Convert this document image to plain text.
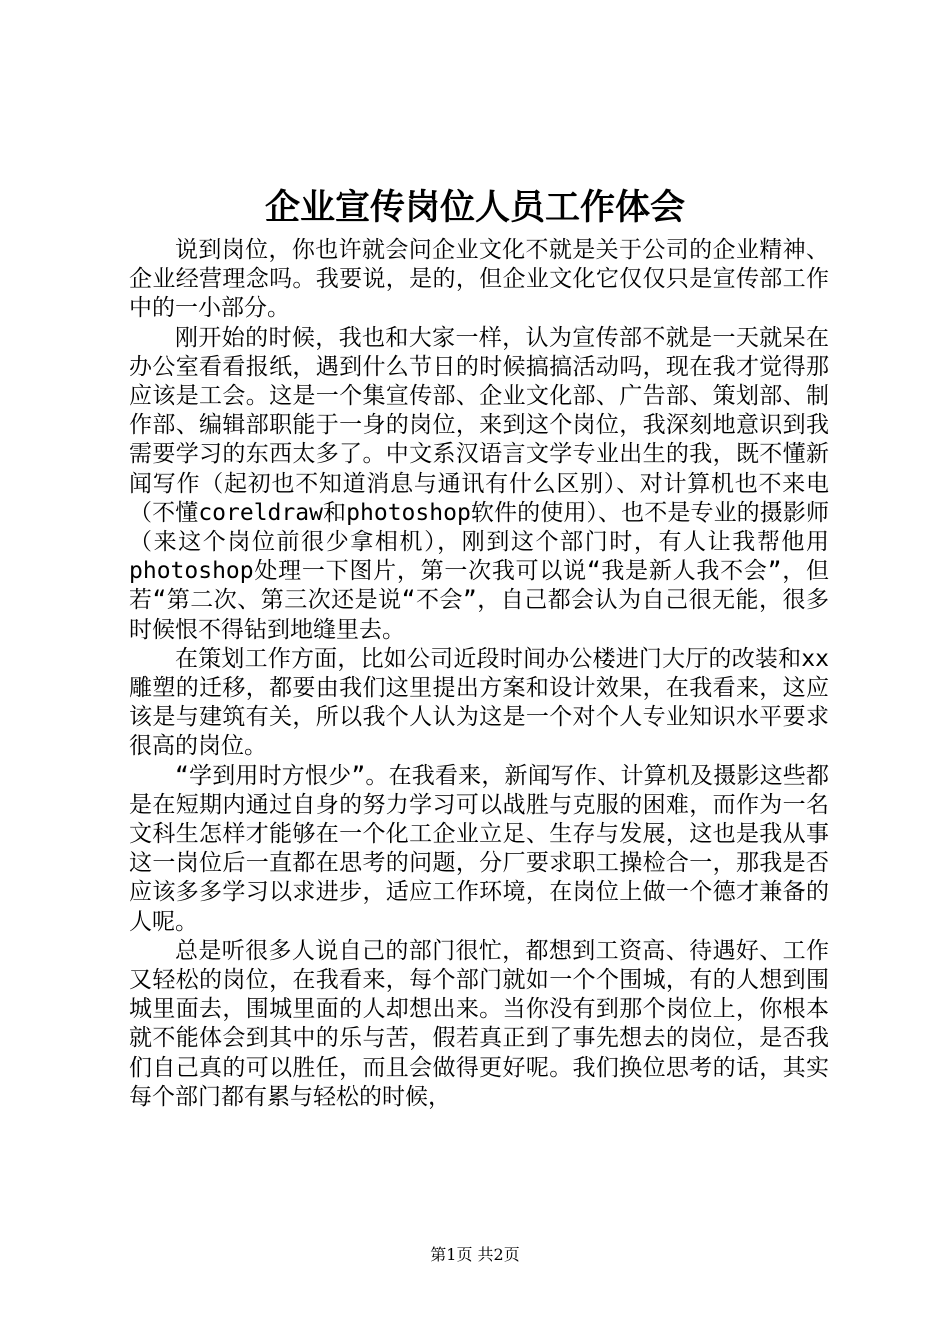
企业宣传岗位人员工作体会

说到岗位，你也许就会问企业文化不就是关于公司的企业精神、企业经营理念吗。我要说，是的，但企业文化它仅仅只是宣传部工作中的一小部分。

刚开始的时候，我也和大家一样，认为宣传部不就是一天就呆在办公室看看报纸，遇到什么节日的时候搞搞活动吗，现在我才觉得那应该是工会。这是一个集宣传部、企业文化部、广告部、策划部、制作部、编辑部职能于一身的岗位，来到这个岗位，我深刻地意识到我需要学习的东西太多了。中文系汉语言文学专业出生的我，既不懂新闻写作（起初也不知道消息与通讯有什么区别）、对计算机也不来电（不懂coreldraw和photoshop软件的使用）、也不是专业的摄影师（来这个岗位前很少拿相机），刚到这个部门时，有人让我帮他用photoshop处理一下图片，第一次我可以说“我是新人我不会”，但若“第二次、第三次还是说“不会”，自己都会认为自己很无能，很多时候恨不得钻到地缝里去。

在策划工作方面，比如公司近段时间办公楼进门大厅的改装和xx雕塑的迁移，都要由我们这里提出方案和设计效果，在我看来，这应该是与建筑有关，所以我个人认为这是一个对个人专业知识水平要求很高的岗位。

“学到用时方恨少”。在我看来，新闻写作、计算机及摄影这些都是在短期内通过自身的努力学习可以战胜与克服的困难，而作为一名文科生怎样才能够在一个化工企业立足、生存与发展，这也是我从事这一岗位后一直都在思考的问题，分厂要求职工操检合一，那我是否应该多多学习以求进步，适应工作环境，在岗位上做一个德才兼备的人呢。

总是听很多人说自己的部门很忙，都想到工资高、待遇好、工作又轻松的岗位，在我看来，每个部门就如一个个围城，有的人想到围城里面去，围城里面的人却想出来。当你没有到那个岗位上，你根本就不能体会到其中的乐与苦，假若真正到了事先想去的岗位，是否我们自己真的可以胜任，而且会做得更好呢。我们换位思考的话，其实每个部门都有累与轻松的时候，

第1页 共2页
